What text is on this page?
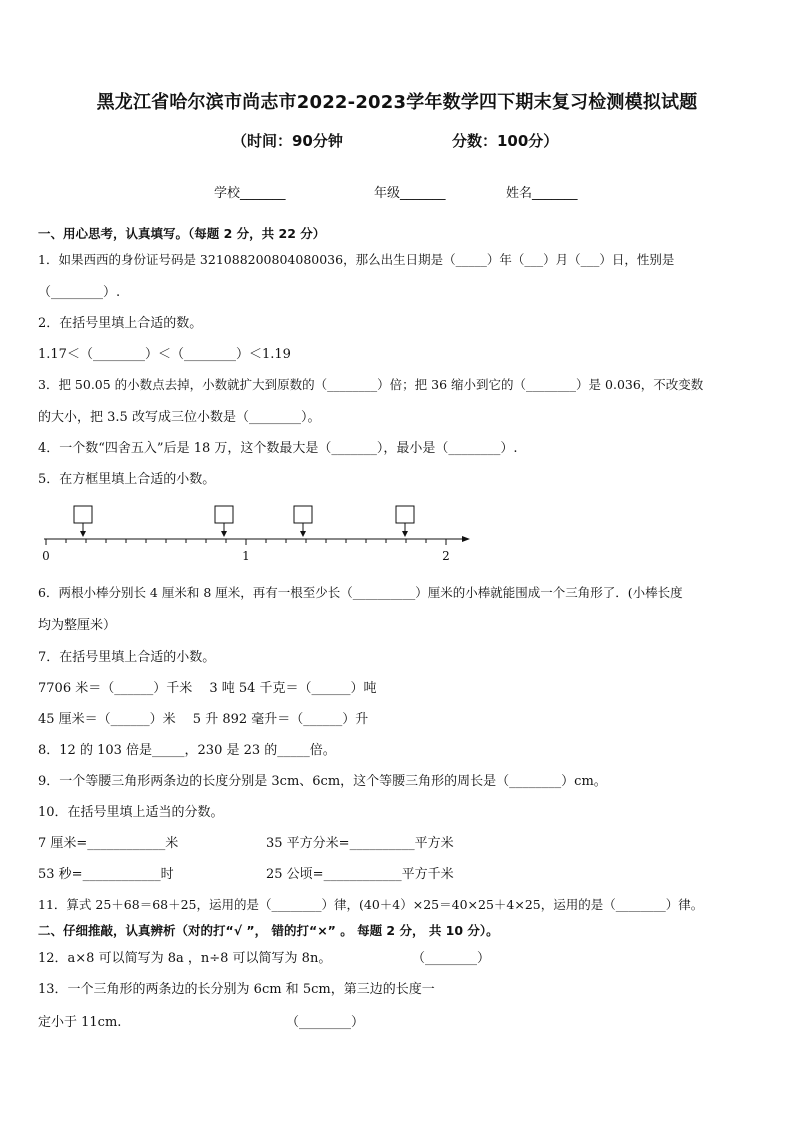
黑龙江省哈尔滨市尚志市2022-2023学年数学四下期末复习检测模拟试题
（时间：90分钟	分数：100分）
学校_______	年级_______	姓名_______
一、用心思考，认真填写。（每题 2 分，共 22 分）
1．如果西西的身份证号码是 321088200804080036，那么出生日期是（_____）年（___）月（___）日，性别是
（________）.
2．在括号里填上合适的数。
1.17＜（________）＜（________）＜1.19
3．把 50.05 的小数点去掉，小数就扩大到原数的（________）倍；把 36 缩小到它的（________）是 0.036，不改变数
的大小，把 3.5 改写成三位小数是（________）。
4．一个数“四舍五入”后是 18 万，这个数最大是（_______），最小是（________）.
5．在方框里填上合适的小数。
0	1	2
6．两根小棒分别长 4 厘米和 8 厘米，再有一根至少长（__________）厘米的小棒就能围成一个三角形了．(小棒长度
均为整厘米）
7．在括号里填上合适的小数。
7706 米＝（______）千米　 3 吨 54 千克＝（______）吨
45 厘米＝（______）米　 5 升 892 毫升＝（______）升
8．12 的 103 倍是_____，230 是 23 的_____倍。
9．一个等腰三角形两条边的长度分别是 3cm、6cm，这个等腰三角形的周长是（________）cm。
10．在括号里填上适当的分数。
7 厘米=____________米	35 平方分米=__________平方米
53 秒=____________时	25 公顷=____________平方千米
11．算式 25＋68＝68＋25，运用的是（________）律，(40＋4）×25＝40×25＋4×25，运用的是（________）律。
二、仔细推敲，认真辨析（对的打“√ ”， 错的打“×” 。 每题 2 分， 共 10 分）。
12．a×8 可以简写为 8a ，n÷8 可以简写为 8n。	（________）
13．一个三角形的两条边的长分别为 6cm 和 5cm，第三边的长度一
定小于 11cm.	（________）
